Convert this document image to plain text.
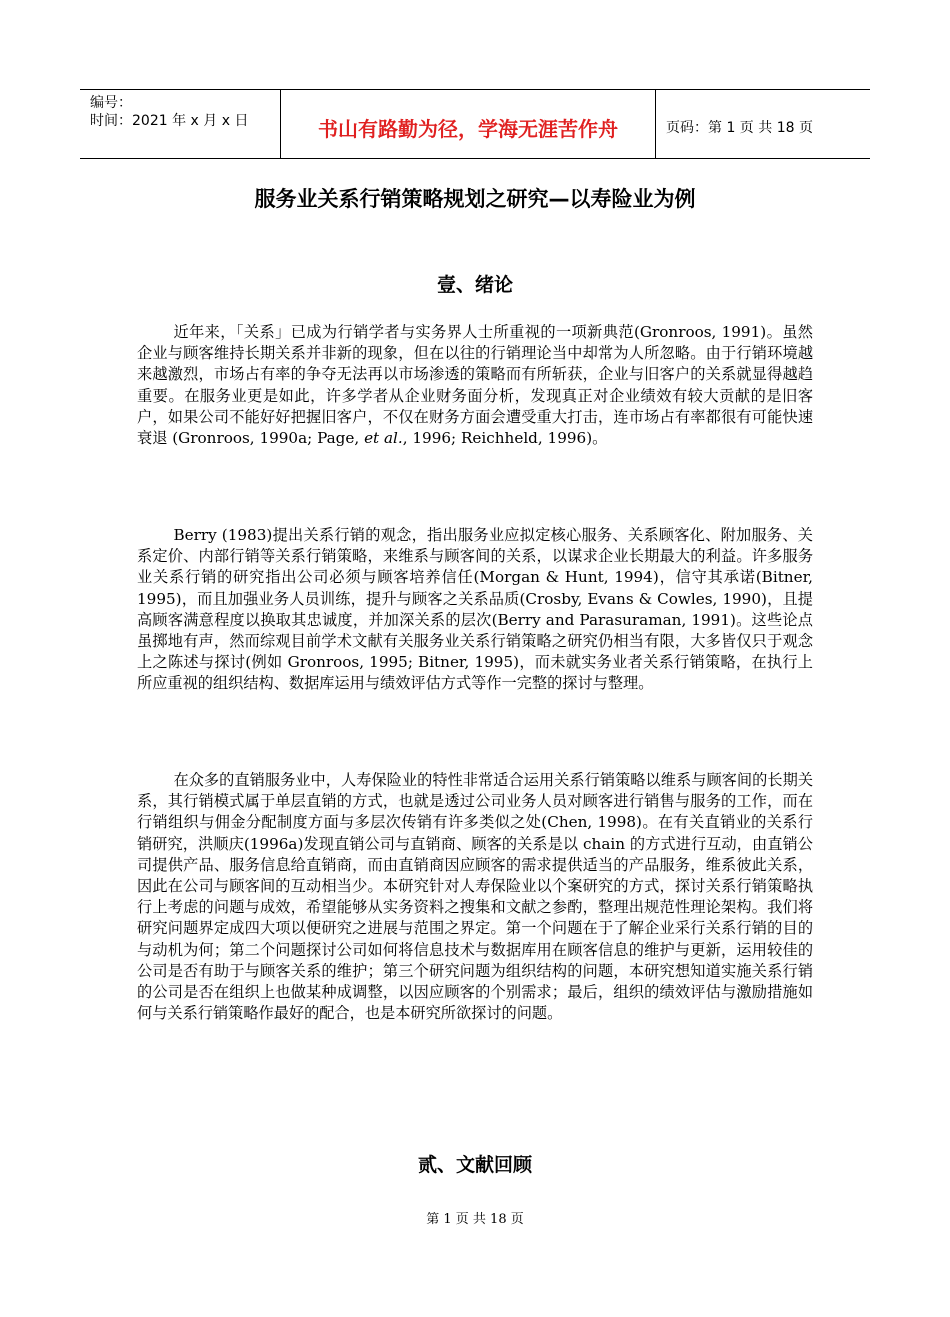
编号：
时间：2021 年 x 月 x 日	书山有路勤为径，学海无涯苦作舟	页码：第 1 页 共 18 页
服务业关系行销策略规划之研究—以寿险业为例
壹、绪论
近年来，「关系」已成为行销学者与实务界人士所重视的一项新典范(Gronroos, 1991)。虽然企业与顾客维持长期关系并非新的现象，但在以往的行销理论当中却常为人所忽略。由于行销环境越来越激烈，市场占有率的争夺无法再以市场渗透的策略而有所斩获，企业与旧客户的关系就显得越趋重要。在服务业更是如此，许多学者从企业财务面分析，发现真正对企业绩效有较大贡献的是旧客户，如果公司不能好好把握旧客户，不仅在财务方面会遭受重大打击，连市场占有率都很有可能快速衰退 (Gronroos, 1990a; Page, et al., 1996; Reichheld, 1996)。
Berry (1983)提出关系行销的观念，指出服务业应拟定核心服务、关系顾客化、附加服务、关系定价、内部行销等关系行销策略，来维系与顾客间的关系，以谋求企业长期最大的利益。许多服务业关系行销的研究指出公司必须与顾客培养信任(Morgan & Hunt, 1994)，信守其承诺(Bitner, 1995)，而且加强业务人员训练，提升与顾客之关系品质(Crosby, Evans & Cowles, 1990)，且提高顾客满意程度以换取其忠诚度，并加深关系的层次(Berry and Parasuraman, 1991)。这些论点虽掷地有声，然而综观目前学术文献有关服务业关系行销策略之研究仍相当有限，大多皆仅只于观念上之陈述与探讨(例如 Gronroos, 1995; Bitner, 1995)，而未就实务业者关系行销策略，在执行上所应重视的组织结构、数据库运用与绩效评估方式等作一完整的探讨与整理。
在众多的直销服务业中，人寿保险业的特性非常适合运用关系行销策略以维系与顾客间的长期关系，其行销模式属于单层直销的方式，也就是透过公司业务人员对顾客进行销售与服务的工作，而在行销组织与佣金分配制度方面与多层次传销有许多类似之处(Chen, 1998)。在有关直销业的关系行销研究，洪顺庆(1996a)发现直销公司与直销商、顾客的关系是以 chain 的方式进行互动，由直销公司提供产品、服务信息给直销商，而由直销商因应顾客的需求提供适当的产品服务，维系彼此关系，因此在公司与顾客间的互动相当少。本研究针对人寿保险业以个案研究的方式，探讨关系行销策略执行上考虑的问题与成效，希望能够从实务资料之搜集和文献之参酌，整理出规范性理论架构。我们将研究问题界定成四大项以便研究之进展与范围之界定。第一个问题在于了解企业采行关系行销的目的与动机为何；第二个问题探讨公司如何将信息技术与数据库用在顾客信息的维护与更新，运用较佳的公司是否有助于与顾客关系的维护；第三个研究问题为组织结构的问题，本研究想知道实施关系行销的公司是否在组织上也做某种成调整，以因应顾客的个别需求；最后，组织的绩效评估与激励措施如何与关系行销策略作最好的配合，也是本研究所欲探讨的问题。
贰、文献回顾
第 1 页 共 18 页
